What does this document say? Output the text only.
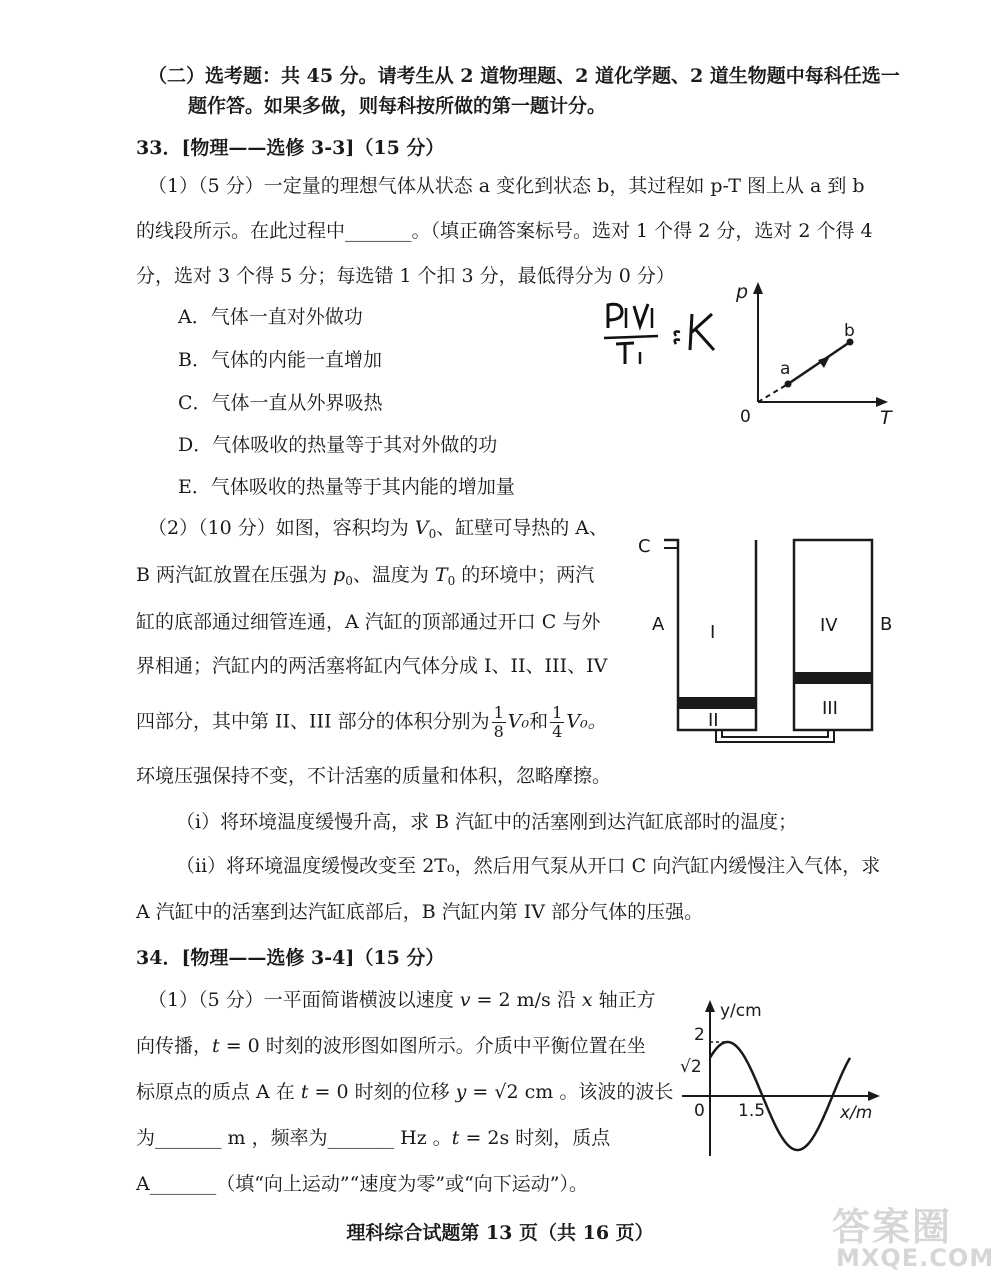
（二）选考题：共 45 分。请考生从 2 道物理题、2 道化学题、2 道生物题中每科任选一
题作答。如果多做，则每科按所做的第一题计分。
33．[物理——选修 3-3]（15 分）
（1）（5 分）一定量的理想气体从状态 a 变化到状态 b，其过程如 p-T 图上从 a 到 b
的线段所示。在此过程中_______。（填正确答案标号。选对 1 个得 2 分，选对 2 个得 4
分，选对 3 个得 5 分；每选错 1 个扣 3 分，最低得分为 0 分）
A．气体一直对外做功
B．气体的内能一直增加
C．气体一直从外界吸热
D．气体吸收的热量等于其对外做的功
E．气体吸收的热量等于其内能的增加量
p
T
0
a
b
（2）（10 分）如图，容积均为 $V_0$、缸壁可导热的 A、
B 两汽缸放置在压强为 $p_0$、温度为 $T_0$ 的环境中；两汽
缸的底部通过细管连通，A 汽缸的顶部通过开口 C 与外
界相通；汽缸内的两活塞将缸内气体分成 I、II、III、IV
四部分，其中第 II、III 部分的体积分别为 $\frac{1}{8} V_0$和 $\frac{1}{4} V_0$。
环境压强保持不变，不计活塞的质量和体积，忽略摩擦。
（i）将环境温度缓慢升高，求 B 汽缸中的活塞刚到达汽缸底部时的温度；
（ii）将环境温度缓慢改变至 2T₀，然后用气泵从开口 C 向汽缸内缓慢注入气体，求
A 汽缸中的活塞到达汽缸底部后，B 汽缸内第 IV 部分气体的压强。
C
A	B
I
II
III
IV
34．[物理——选修 3-4]（15 分）
（1）（5 分）一平面简谐横波以速度 v = 2 m/s 沿 x 轴正方
向传播，t = 0 时刻的波形图如图所示。介质中平衡位置在坐
标原点的质点 A 在 t = 0 时刻的位移 y = √2 cm 。该波的波长
为_______ m ，频率为_______ Hz 。t = 2s 时刻，质点
A_______（填“向上运动”“速度为零”或“向下运动”）。
y/cm
x/m
0
2
√2
1.5
理科综合试题第 13 页（共 16 页）	答案圈
MXQE.COM
